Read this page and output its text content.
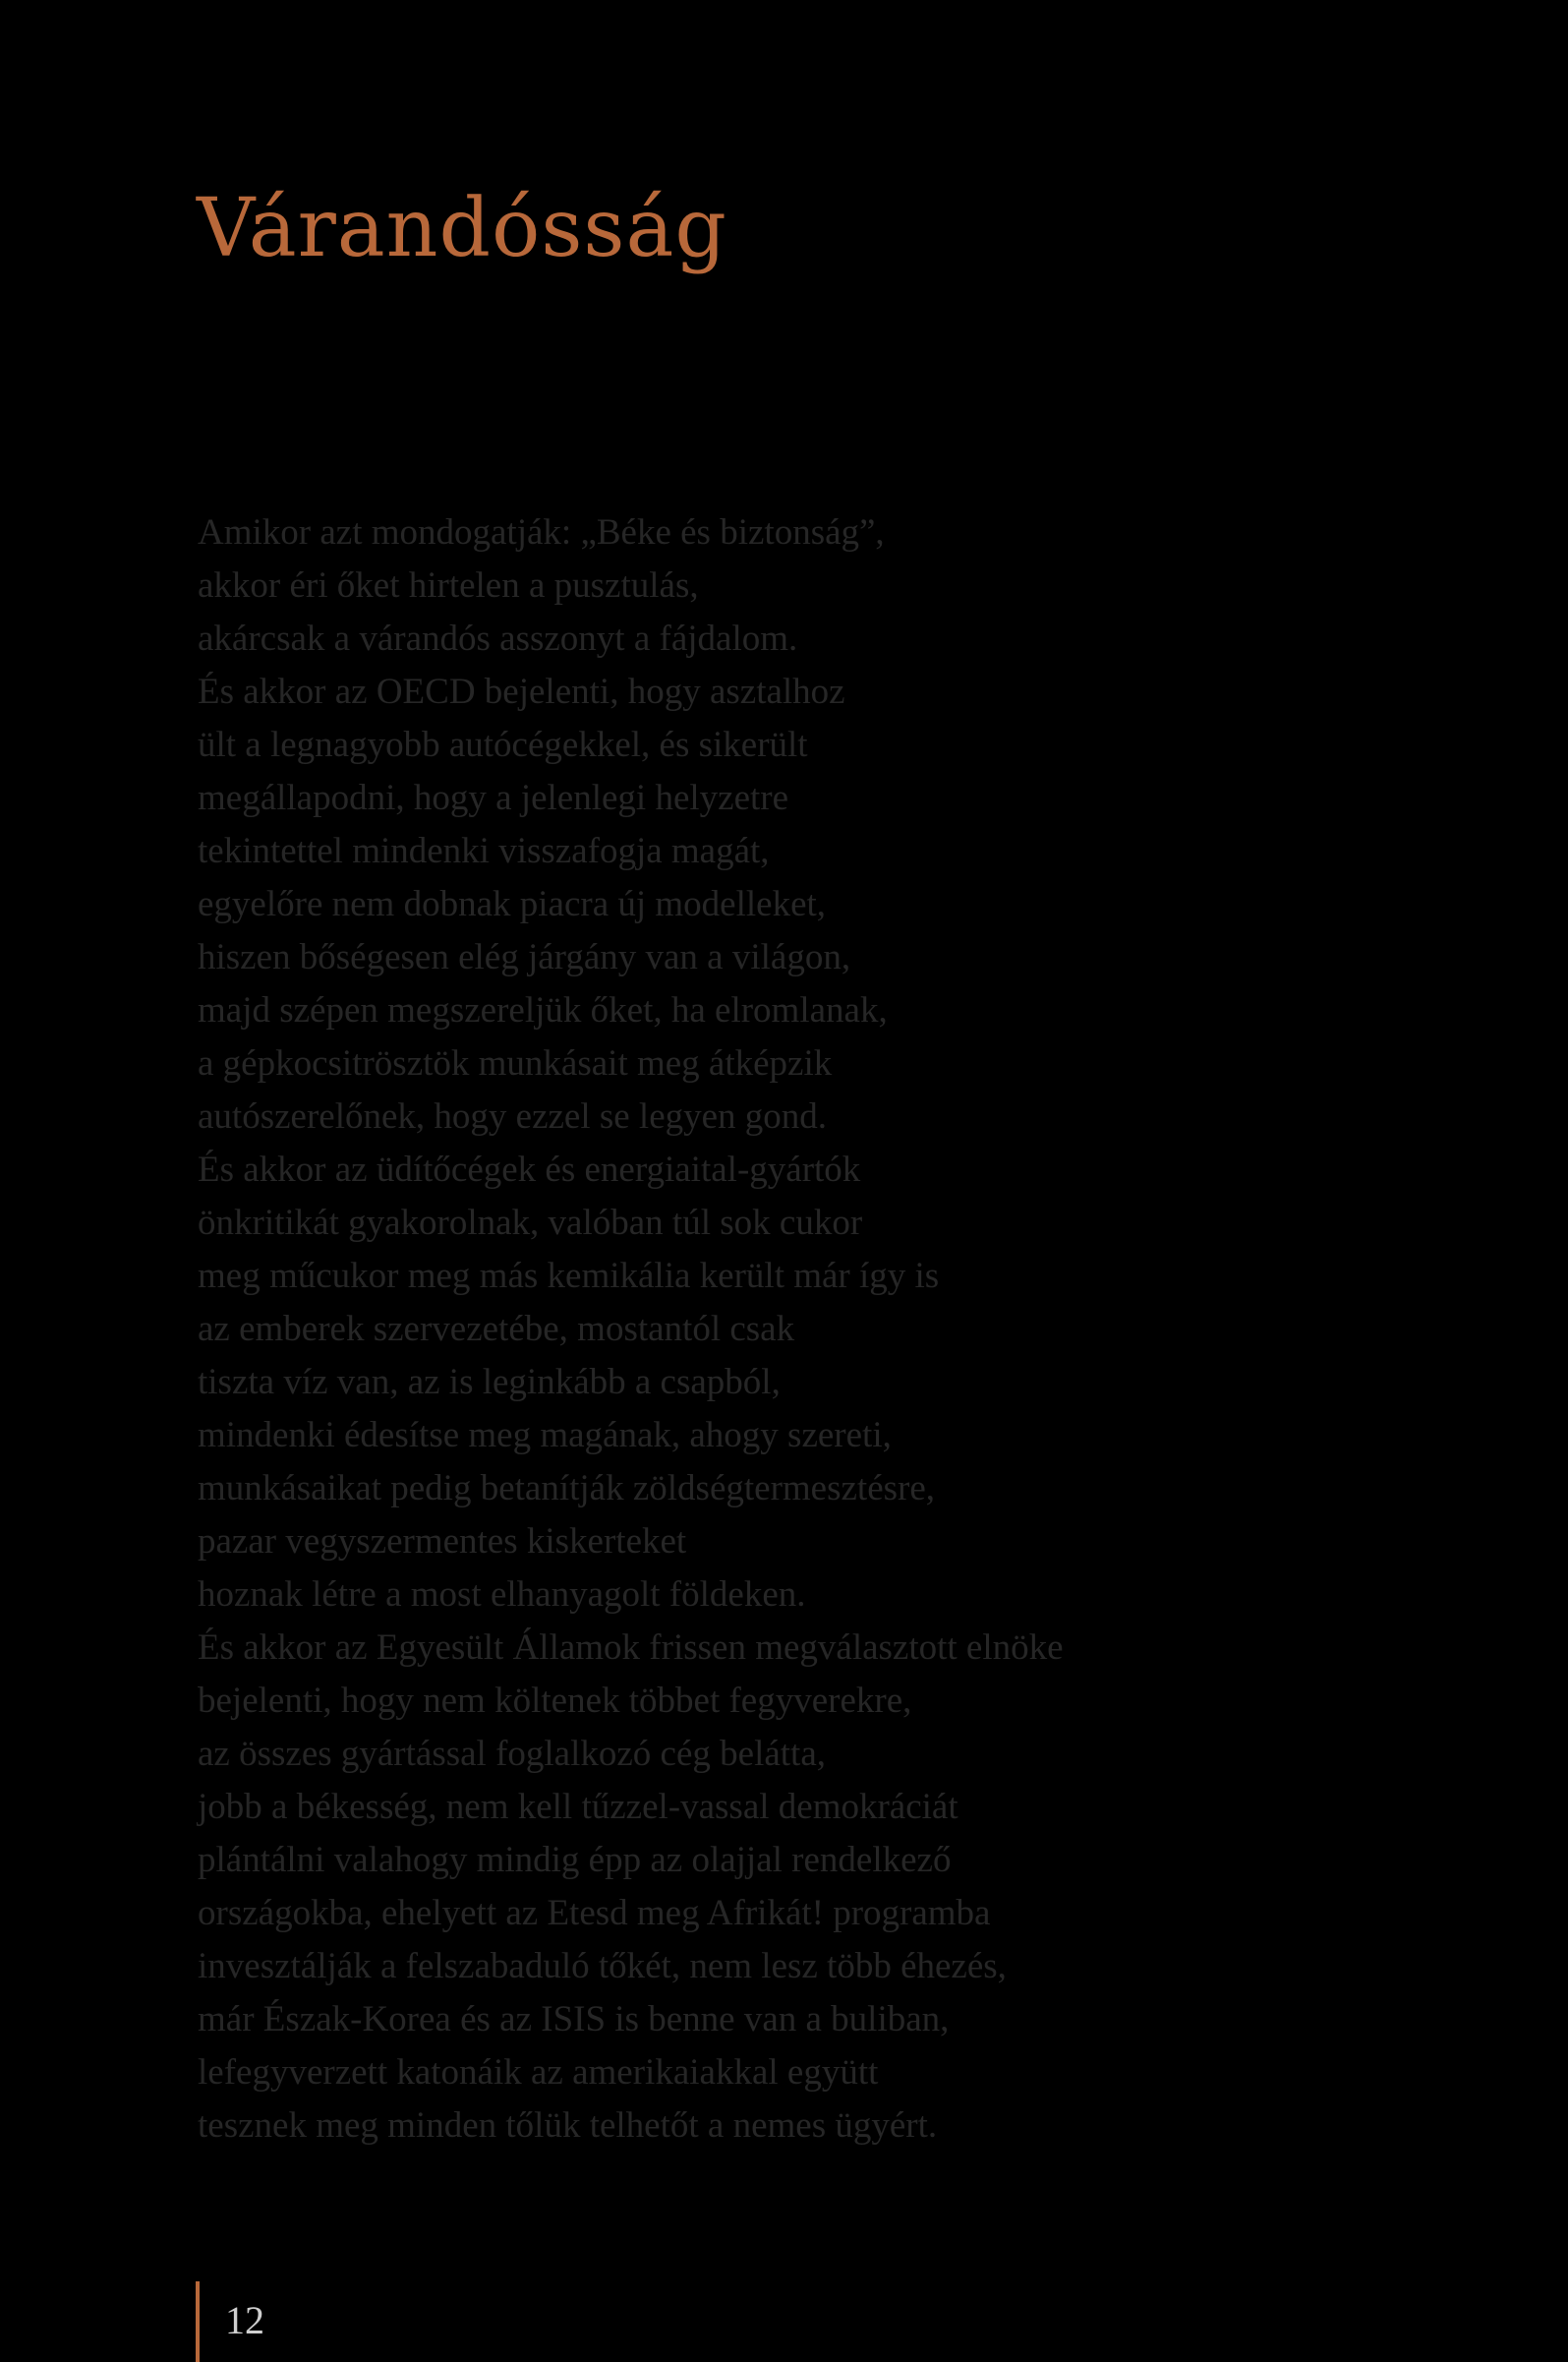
Várandósság
Amikor azt mondogatják: „Béke és biztonság”,
akkor éri őket hirtelen a pusztulás,
akárcsak a várandós asszonyt a fájdalom.
És akkor az OECD bejelenti, hogy asztalhoz
ült a legnagyobb autócégekkel, és sikerült
megállapodni, hogy a jelenlegi helyzetre
tekintettel mindenki visszafogja magát,
egyelőre nem dobnak piacra új modelleket,
hiszen bőségesen elég járgány van a világon,
majd szépen megszereljük őket, ha elromlanak,
a gépkocsitrösztök munkásait meg átképzik
autószerelőnek, hogy ezzel se legyen gond.
És akkor az üdítőcégek és energiaital-gyártók
önkritikát gyakorolnak, valóban túl sok cukor
meg műcukor meg más kemikália került már így is
az emberek szervezetébe, mostantól csak
tiszta víz van, az is leginkább a csapból,
mindenki édesítse meg magának, ahogy szereti,
munkásaikat pedig betanítják zöldségtermesztésre,
pazar vegyszermentes kiskerteket
hoznak létre a most elhanyagolt földeken.
És akkor az Egyesült Államok frissen megválasztott elnöke
bejelenti, hogy nem költenek többet fegyverekre,
az összes gyártással foglalkozó cég belátta,
jobb a békesség, nem kell tűzzel-vassal demokráciát
plántálni valahogy mindig épp az olajjal rendelkező
országokba, ehelyett az Etesd meg Afrikát! programba
invesztálják a felszabaduló tőkét, nem lesz több éhezés,
már Észak-Korea és az ISIS is benne van a buliban,
lefegyverzett katonáik az amerikaiakkal együtt
tesznek meg minden tőlük telhetőt a nemes ügyért.
12
